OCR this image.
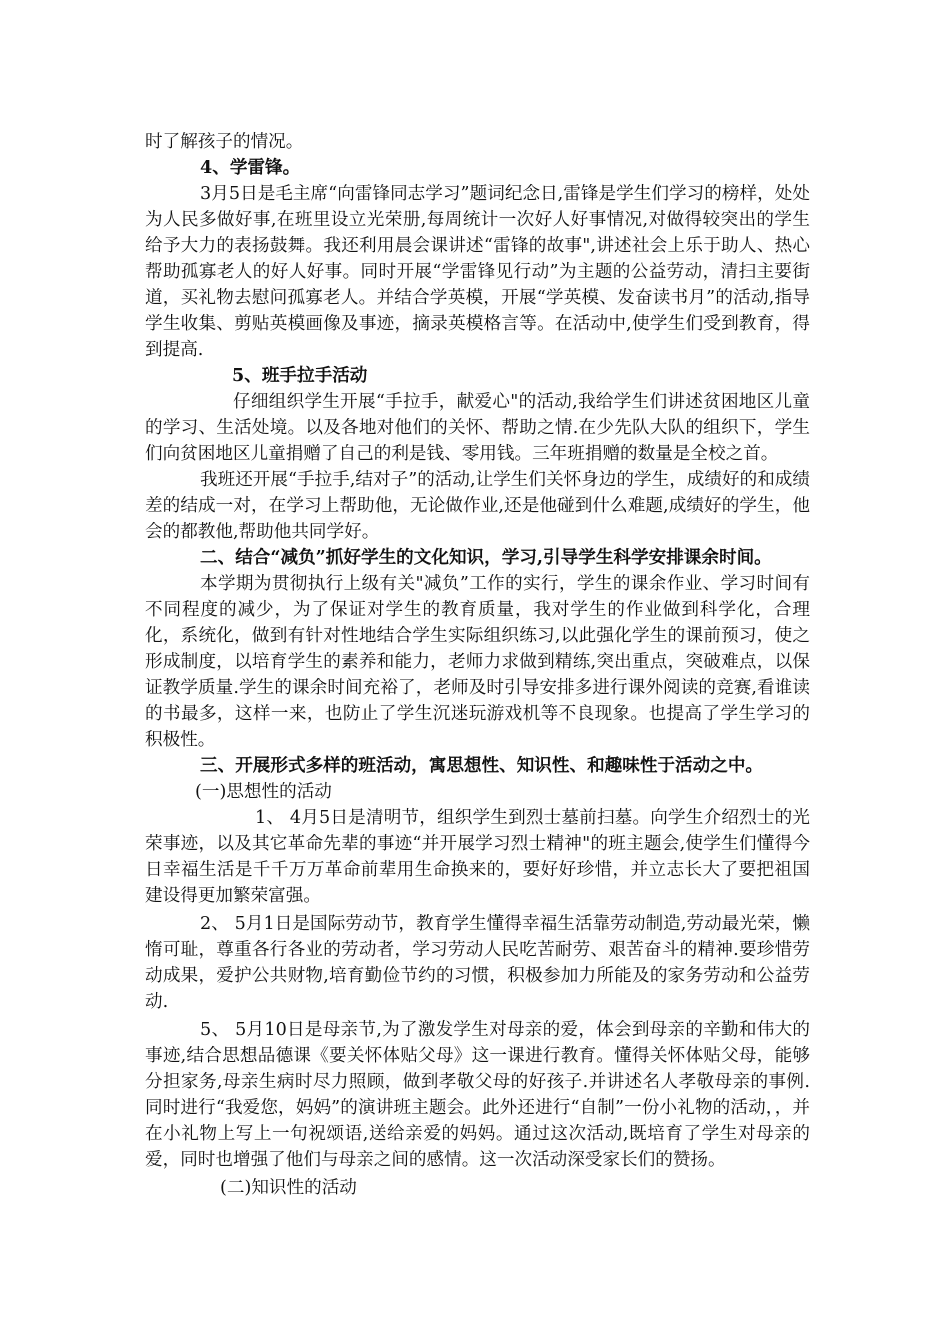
时了解孩子的情况。

4、学雷锋。

3月5日是毛主席“向雷锋同志学习”题词纪念日,雷锋是学生们学习的榜样，处处为人民多做好事,在班里设立光荣册,每周统计一次好人好事情况,对做得较突出的学生给予大力的表扬鼓舞。我还利用晨会课讲述“雷锋的故事",讲述社会上乐于助人、热心帮助孤寡老人的好人好事。同时开展“学雷锋见行动”为主题的公益劳动，清扫主要街道，买礼物去慰问孤寡老人。并结合学英模，开展“学英模、发奋读书月”的活动,指导学生收集、剪贴英模画像及事迹，摘录英模格言等。在活动中,使学生们受到教育，得到提高.

5、班手拉手活动

仔细组织学生开展“手拉手，献爱心"的活动,我给学生们讲述贫困地区儿童的学习、生活处境。以及各地对他们的关怀、帮助之情.在少先队大队的组织下，学生们向贫困地区儿童捐赠了自己的利是钱、零用钱。三年班捐赠的数量是全校之首。

我班还开展“手拉手,结对子”的活动,让学生们关怀身边的学生，成绩好的和成绩差的结成一对，在学习上帮助他，无论做作业,还是他碰到什么难题,成绩好的学生，他会的都教他,帮助他共同学好。

二、结合“减负”抓好学生的文化知识，学习,引导学生科学安排课余时间。

本学期为贯彻执行上级有关"减负”工作的实行，学生的课余作业、学习时间有不同程度的减少，为了保证对学生的教育质量，我对学生的作业做到科学化，合理化，系统化，做到有针对性地结合学生实际组织练习,以此强化学生的课前预习，使之形成制度，以培育学生的素养和能力，老师力求做到精练,突出重点，突破难点，以保证教学质量.学生的课余时间充裕了，老师及时引导安排多进行课外阅读的竞赛,看谁读的书最多，这样一来，也防止了学生沉迷玩游戏机等不良现象。也提高了学生学习的积极性。

三、开展形式多样的班活动，寓思想性、知识性、和趣味性于活动之中。

(一)思想性的活动

1、 4月5日是清明节，组织学生到烈士墓前扫墓。向学生介绍烈士的光荣事迹，以及其它革命先辈的事迹“并开展学习烈士精神"的班主题会,使学生们懂得今日幸福生活是千千万万革命前辈用生命换来的，要好好珍惜，并立志长大了要把祖国建设得更加繁荣富强。

2、 5月1日是国际劳动节，教育学生懂得幸福生活靠劳动制造,劳动最光荣，懒惰可耻，尊重各行各业的劳动者，学习劳动人民吃苦耐劳、艰苦奋斗的精神.要珍惜劳动成果，爱护公共财物,培育勤俭节约的习惯，积极参加力所能及的家务劳动和公益劳动.

5、 5月10日是母亲节,为了激发学生对母亲的爱，体会到母亲的辛勤和伟大的事迹,结合思想品德课《要关怀体贴父母》这一课进行教育。懂得关怀体贴父母，能够分担家务,母亲生病时尽力照顾，做到孝敬父母的好孩子.并讲述名人孝敬母亲的事例.同时进行“我爱您，妈妈”的演讲班主题会。此外还进行“自制”一份小礼物的活动，，并在小礼物上写上一句祝颂语,送给亲爱的妈妈。通过这次活动,既培育了学生对母亲的爱，同时也增强了他们与母亲之间的感情。这一次活动深受家长们的赞扬。

(二)知识性的活动
